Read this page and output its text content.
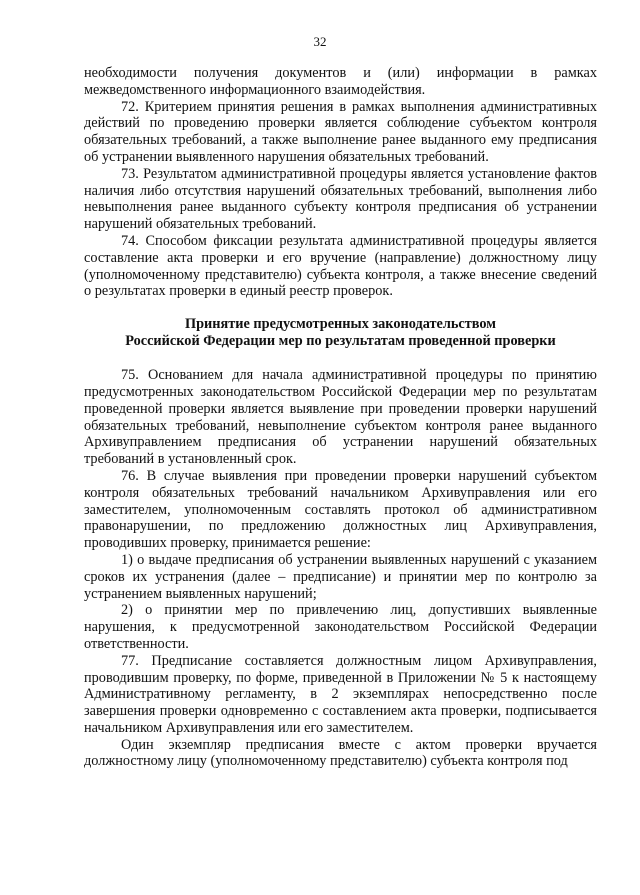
32

необходимости получения документов и (или) информации в рамках межведомственного информационного взаимодействия.

72. Критерием принятия решения в рамках выполнения административных действий по проведению проверки является соблюдение субъектом контроля обязательных требований, а также выполнение ранее выданного ему предписания об устранении выявленного нарушения обязательных требований.

73. Результатом административной процедуры является установление фактов наличия либо отсутствия нарушений обязательных требований, выполнения либо невыполнения ранее выданного субъекту контроля предписания об устранении нарушений обязательных требований.

74. Способом фиксации результата административной процедуры является составление акта проверки и его вручение (направление) должностному лицу (уполномоченному представителю) субъекта контроля, а также внесение сведений о результатах проверки в единый реестр проверок.

Принятие предусмотренных законодательством
Российской Федерации мер по результатам проведенной проверки

75. Основанием для начала административной процедуры по принятию предусмотренных законодательством Российской Федерации мер по результатам проведенной проверки является выявление при проведении проверки нарушений обязательных требований, невыполнение субъектом контроля ранее выданного Архивуправлением предписания об устранении нарушений обязательных требований в установленный срок.

76. В случае выявления при проведении проверки нарушений субъектом контроля обязательных требований начальником Архивуправления или его заместителем, уполномоченным составлять протокол об административном правонарушении, по предложению должностных лиц Архивуправления, проводивших проверку, принимается решение:

1) о выдаче предписания об устранении выявленных нарушений с указанием сроков их устранения (далее – предписание) и принятии мер по контролю за устранением выявленных нарушений;

2) о принятии мер по привлечению лиц, допустивших выявленные нарушения, к предусмотренной законодательством Российской Федерации ответственности.

77. Предписание составляется должностным лицом Архивуправления, проводившим проверку, по форме, приведенной в Приложении № 5 к настоящему Административному регламенту, в 2 экземплярах непосредственно после завершения проверки одновременно с составлением акта проверки, подписывается начальником Архивуправления или его заместителем.

Один экземпляр предписания вместе с актом проверки вручается должностному лицу (уполномоченному представителю) субъекта контроля под
